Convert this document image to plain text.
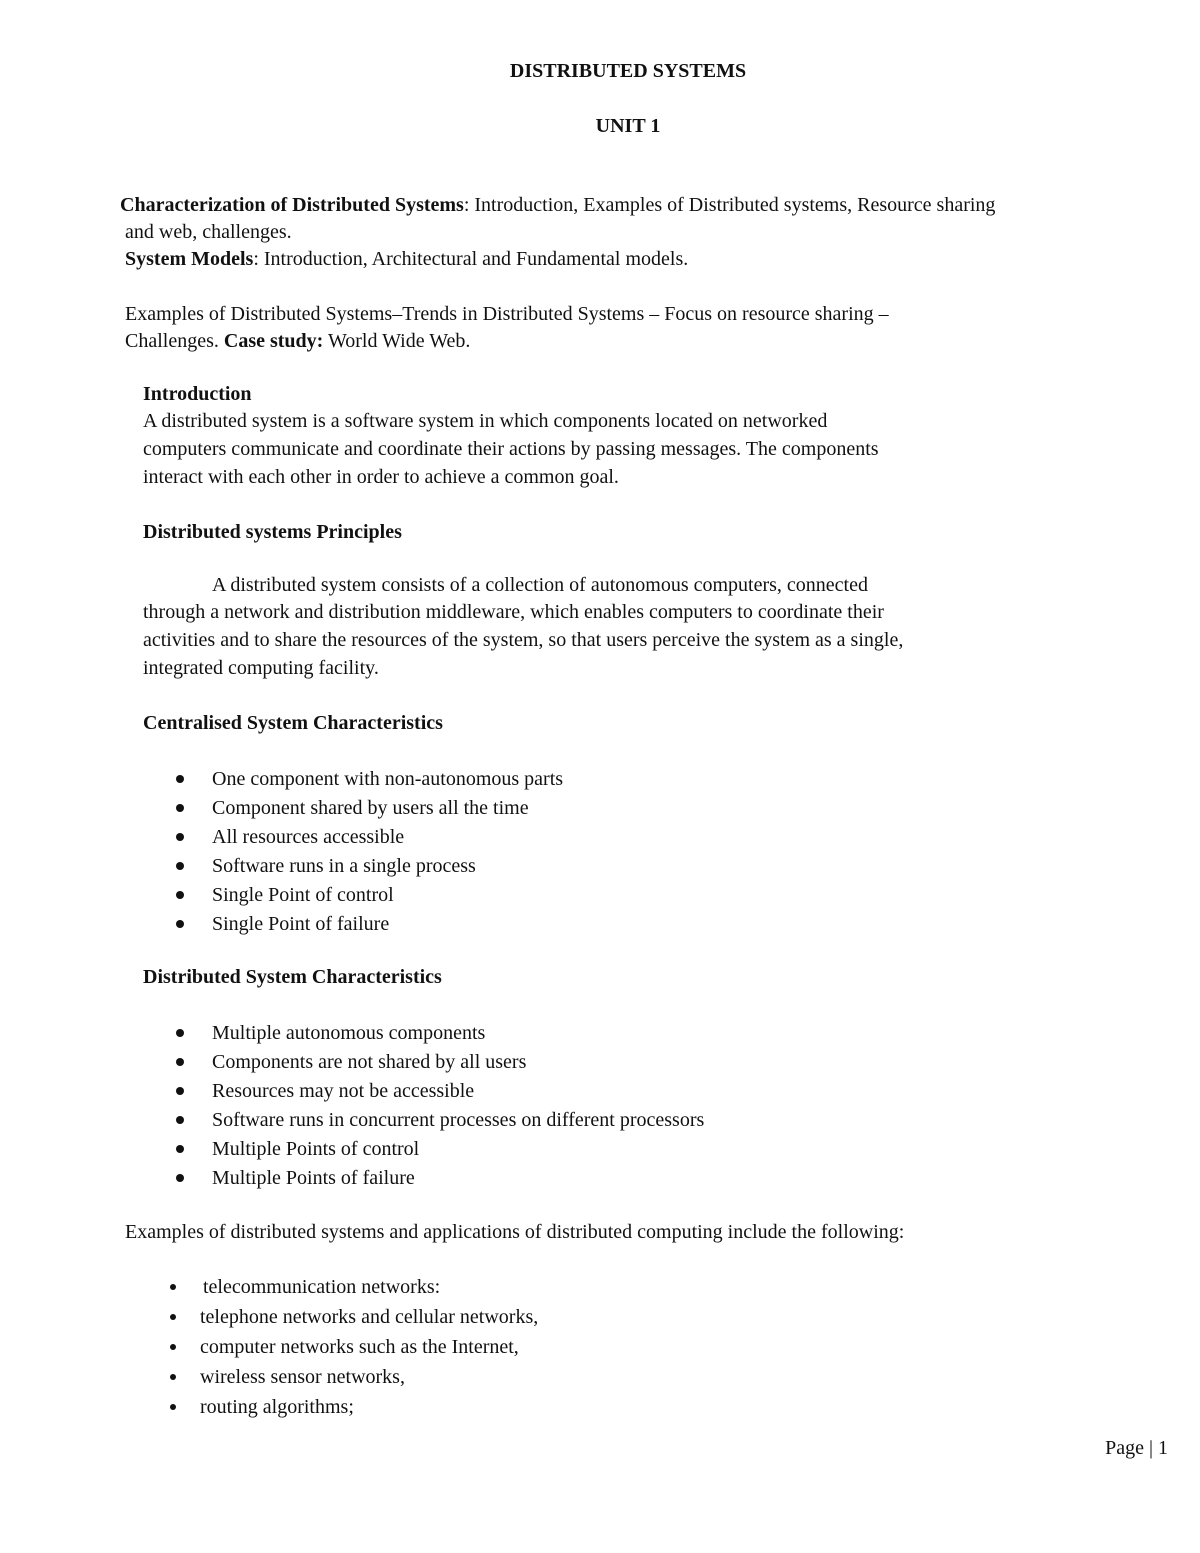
DISTRIBUTED SYSTEMS
UNIT 1
Characterization of Distributed Systems: Introduction, Examples of Distributed systems, Resource sharing
and web, challenges.
System Models: Introduction, Architectural and Fundamental models.
Examples of Distributed Systems–Trends in Distributed Systems – Focus on resource sharing –
Challenges. Case study: World Wide Web.
Introduction
A distributed system is a software system in which components located on networked
computers communicate and coordinate their actions by passing messages. The components
interact with each other in order to achieve a common goal.
Distributed systems Principles
A distributed system consists of a collection of autonomous computers, connected
through a network and distribution middleware, which enables computers to coordinate their
activities and to share the resources of the system, so that users perceive the system as a single,
integrated computing facility.
Centralised System Characteristics
One component with non-autonomous parts
Component shared by users all the time
All resources accessible
Software runs in a single process
Single Point of control
Single Point of failure
Distributed System Characteristics
Multiple autonomous components
Components are not shared by all users
Resources may not be accessible
Software runs in concurrent processes on different processors
Multiple Points of control
Multiple Points of failure
Examples of distributed systems and applications of distributed computing include the following:
telecommunication networks:
telephone networks and cellular networks,
computer networks such as the Internet,
wireless sensor networks,
routing algorithms;
Page | 1
